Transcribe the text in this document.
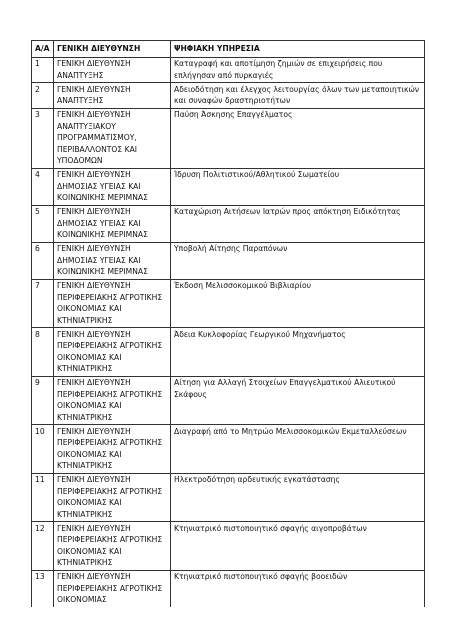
Α/Α	ΓΕΝΙΚΗ ΔΙΕΥΘΥΝΣΗ	ΨΗΦΙΑΚΗ ΥΠΗΡΕΣΙΑ
1	ΓΕΝΙΚΗ ΔΙΕΥΘΥΝΣΗ ΑΝΑΠΤΥΞΗΣ	Καταγραφή και αποτίμηση ζημιών σε επιχειρήσεις που επλήγησαν από πυρκαγιές
2	ΓΕΝΙΚΗ ΔΙΕΥΘΥΝΣΗ ΑΝΑΠΤΥΞΗΣ	Αδειοδότηση και έλεγχος λειτουργίας όλων των μεταποιητικών και συναφών δραστηριοτήτων
3	ΓΕΝΙΚΗ ΔΙΕΥΘΥΝΣΗ ΑΝΑΠΤΥΞΙΑΚΟΥ ΠΡΟΓΡΑΜΜΑΤΙΣΜΟΥ, ΠΕΡΙΒΑΛΛΟΝΤΟΣ ΚΑΙ ΥΠΟΔΟΜΩΝ	Παύση Άσκησης Επαγγέλματος
4	ΓΕΝΙΚΗ ΔΙΕΥΘΥΝΣΗ ΔΗΜΟΣΙΑΣ ΥΓΕΙΑΣ ΚΑΙ ΚΟΙΝΩΝΙΚΗΣ ΜΕΡΙΜΝΑΣ	Ίδρυση Πολιτιστικού/Αθλητικού Σωματείου
5	ΓΕΝΙΚΗ ΔΙΕΥΘΥΝΣΗ ΔΗΜΟΣΙΑΣ ΥΓΕΙΑΣ ΚΑΙ ΚΟΙΝΩΝΙΚΗΣ ΜΕΡΙΜΝΑΣ	Καταχώριση Αιτήσεων Ιατρών προς απόκτηση Ειδικότητας
6	ΓΕΝΙΚΗ ΔΙΕΥΘΥΝΣΗ ΔΗΜΟΣΙΑΣ ΥΓΕΙΑΣ ΚΑΙ ΚΟΙΝΩΝΙΚΗΣ ΜΕΡΙΜΝΑΣ	Υποβολή Αίτησης Παραπόνων
7	ΓΕΝΙΚΗ ΔΙΕΥΘΥΝΣΗ ΠΕΡΙΦΕΡΕΙΑΚΗΣ ΑΓΡΟΤΙΚΗΣ ΟΙΚΟΝΟΜΙΑΣ ΚΑΙ ΚΤΗΝΙΑΤΡΙΚΗΣ	Έκδοση Μελισσοκομικού Βιβλιαρίου
8	ΓΕΝΙΚΗ ΔΙΕΥΘΥΝΣΗ ΠΕΡΙΦΕΡΕΙΑΚΗΣ ΑΓΡΟΤΙΚΗΣ ΟΙΚΟΝΟΜΙΑΣ ΚΑΙ ΚΤΗΝΙΑΤΡΙΚΗΣ	Άδεια Κυκλοφορίας Γεωργικού Μηχανήματος
9	ΓΕΝΙΚΗ ΔΙΕΥΘΥΝΣΗ ΠΕΡΙΦΕΡΕΙΑΚΗΣ ΑΓΡΟΤΙΚΗΣ ΟΙΚΟΝΟΜΙΑΣ ΚΑΙ ΚΤΗΝΙΑΤΡΙΚΗΣ	Αίτηση για Αλλαγή Στοιχείων Επαγγελματικού Αλιευτικού Σκάφους
10	ΓΕΝΙΚΗ ΔΙΕΥΘΥΝΣΗ ΠΕΡΙΦΕΡΕΙΑΚΗΣ ΑΓΡΟΤΙΚΗΣ ΟΙΚΟΝΟΜΙΑΣ ΚΑΙ ΚΤΗΝΙΑΤΡΙΚΗΣ	Διαγραφή από το Μητρώο Μελισσοκομικών Εκμεταλλεύσεων
11	ΓΕΝΙΚΗ ΔΙΕΥΘΥΝΣΗ ΠΕΡΙΦΕΡΕΙΑΚΗΣ ΑΓΡΟΤΙΚΗΣ ΟΙΚΟΝΟΜΙΑΣ ΚΑΙ ΚΤΗΝΙΑΤΡΙΚΗΣ	Ηλεκτροδότηση αρδευτικής εγκατάστασης
12	ΓΕΝΙΚΗ ΔΙΕΥΘΥΝΣΗ ΠΕΡΙΦΕΡΕΙΑΚΗΣ ΑΓΡΟΤΙΚΗΣ ΟΙΚΟΝΟΜΙΑΣ ΚΑΙ ΚΤΗΝΙΑΤΡΙΚΗΣ	Κτηνιατρικό πιστοποιητικό σφαγής αιγοπροβάτων
13	ΓΕΝΙΚΗ ΔΙΕΥΘΥΝΣΗ ΠΕΡΙΦΕΡΕΙΑΚΗΣ ΑΓΡΟΤΙΚΗΣ ΟΙΚΟΝΟΜΙΑΣ	Κτηνιατρικό πιστοποιητικό σφαγής βοοειδών
